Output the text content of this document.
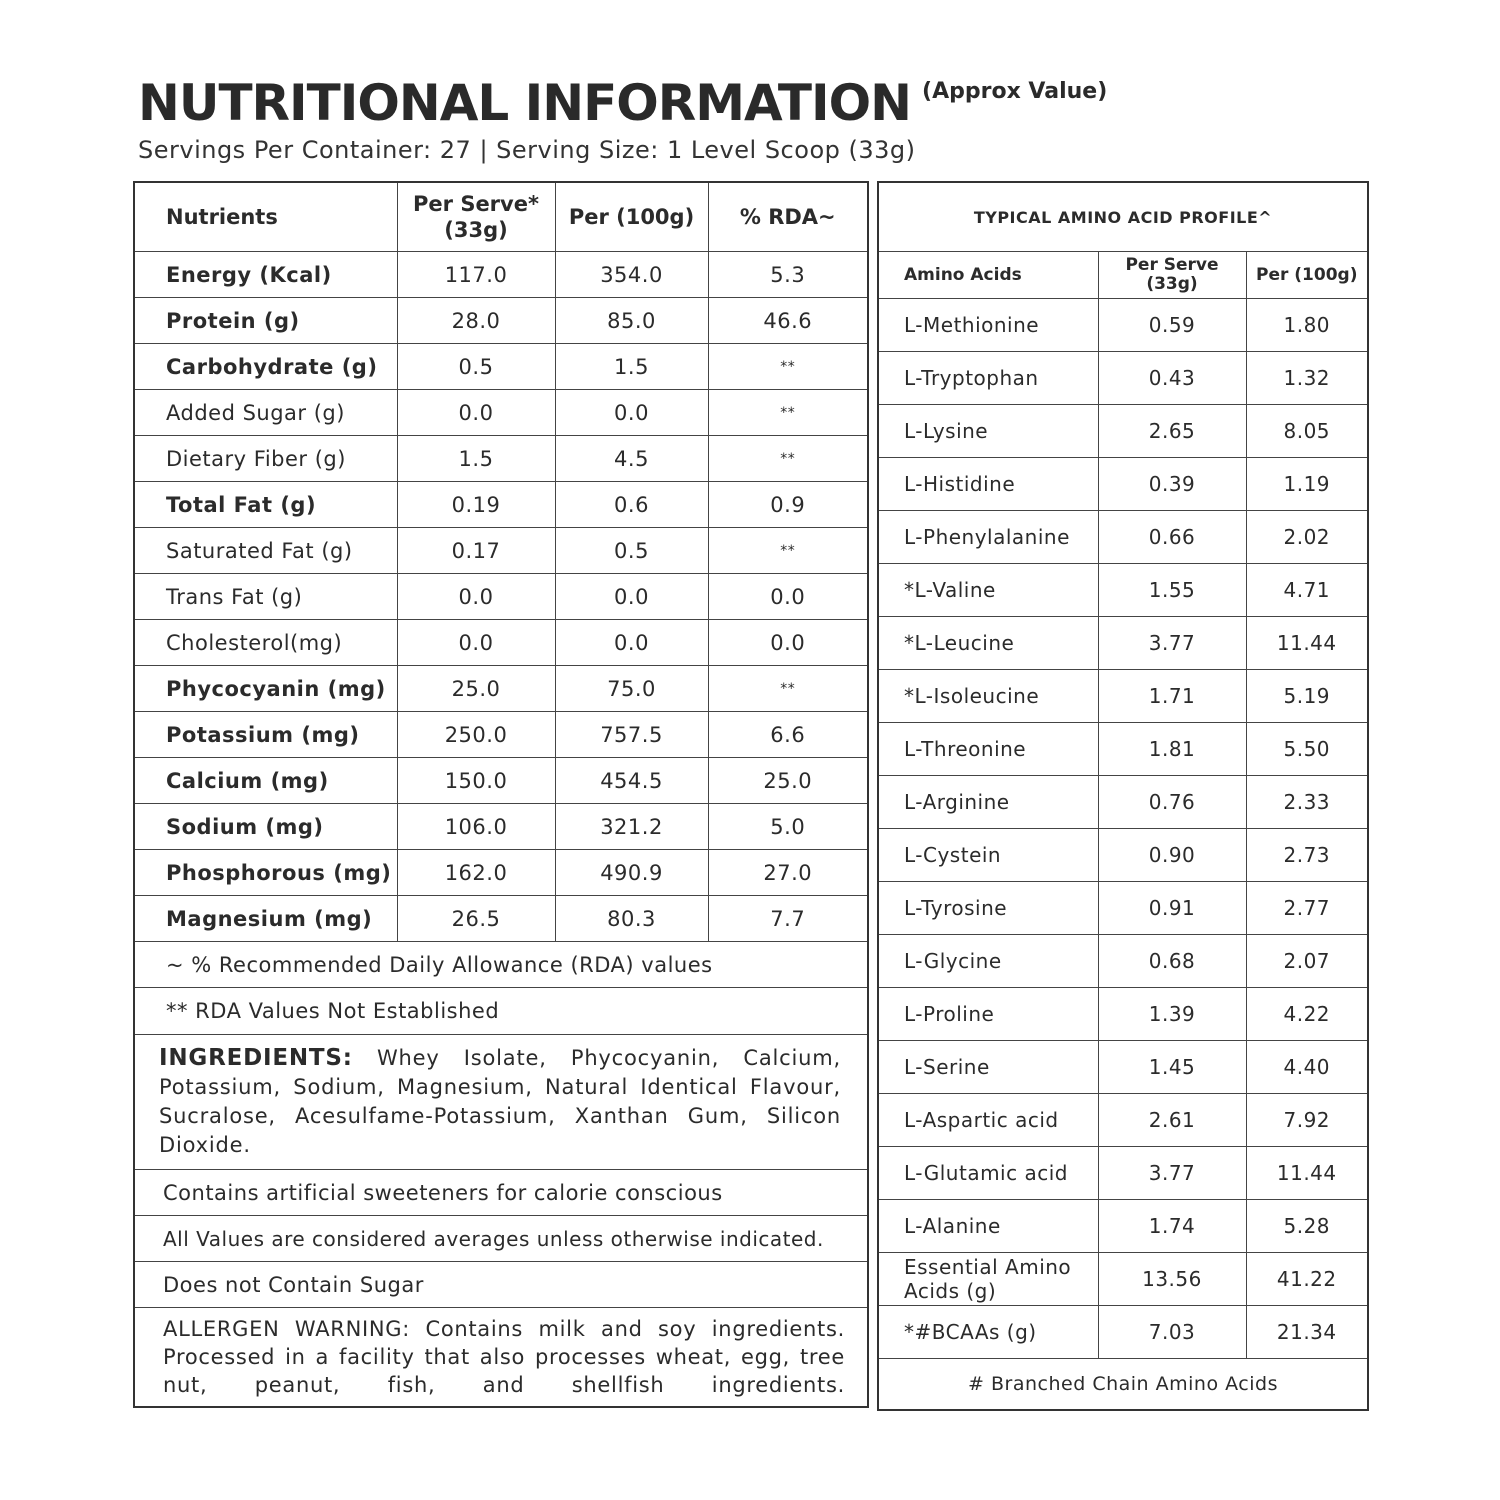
NUTRITIONAL INFORMATION (Approx Value)
Servings Per Container: 27 | Serving Size: 1 Level Scoop (33g)
Nutrients	Per Serve* (33g)	Per (100g)	% RDA~
Energy (Kcal)	117.0	354.0	5.3
Protein (g)	28.0	85.0	46.6
Carbohydrate (g)	0.5	1.5	**
Added Sugar (g)	0.0	0.0	**
Dietary Fiber (g)	1.5	4.5	**
Total Fat (g)	0.19	0.6	0.9
Saturated Fat (g)	0.17	0.5	**
Trans Fat (g)	0.0	0.0	0.0
Cholesterol(mg)	0.0	0.0	0.0
Phycocyanin (mg)	25.0	75.0	**
Potassium (mg)	250.0	757.5	6.6
Calcium (mg)	150.0	454.5	25.0
Sodium (mg)	106.0	321.2	5.0
Phosphorous (mg)	162.0	490.9	27.0
Magnesium (mg)	26.5	80.3	7.7
~ % Recommended Daily Allowance (RDA) values			
** RDA Values Not Established			
INGREDIENTS: Whey Isolate, Phycocyanin, Calcium, Potassium, Sodium, Magnesium, Natural Identical Flavour, Sucralose, Acesulfame-Potassium, Xanthan Gum, Silicon Dioxide.			
Contains artificial sweeteners for calorie conscious			
All Values are considered averages unless otherwise indicated.			
Does not Contain Sugar			
ALLERGEN WARNING: Contains milk and soy ingredients. Processed in a facility that also processes wheat, egg, tree nut, peanut, fish, and shellfish ingredients.			
TYPICAL AMINO ACID PROFILE^		
Amino Acids	Per Serve (33g)	Per (100g)
L-Methionine	0.59	1.80
L-Tryptophan	0.43	1.32
L-Lysine	2.65	8.05
L-Histidine	0.39	1.19
L-Phenylalanine	0.66	2.02
*L-Valine	1.55	4.71
*L-Leucine	3.77	11.44
*L-Isoleucine	1.71	5.19
L-Threonine	1.81	5.50
L-Arginine	0.76	2.33
L-Cystein	0.90	2.73
L-Tyrosine	0.91	2.77
L-Glycine	0.68	2.07
L-Proline	1.39	4.22
L-Serine	1.45	4.40
L-Aspartic acid	2.61	7.92
L-Glutamic acid	3.77	11.44
L-Alanine	1.74	5.28
Essential Amino Acids (g)	13.56	41.22
*#BCAAs (g)	7.03	21.34
# Branched Chain Amino Acids		
